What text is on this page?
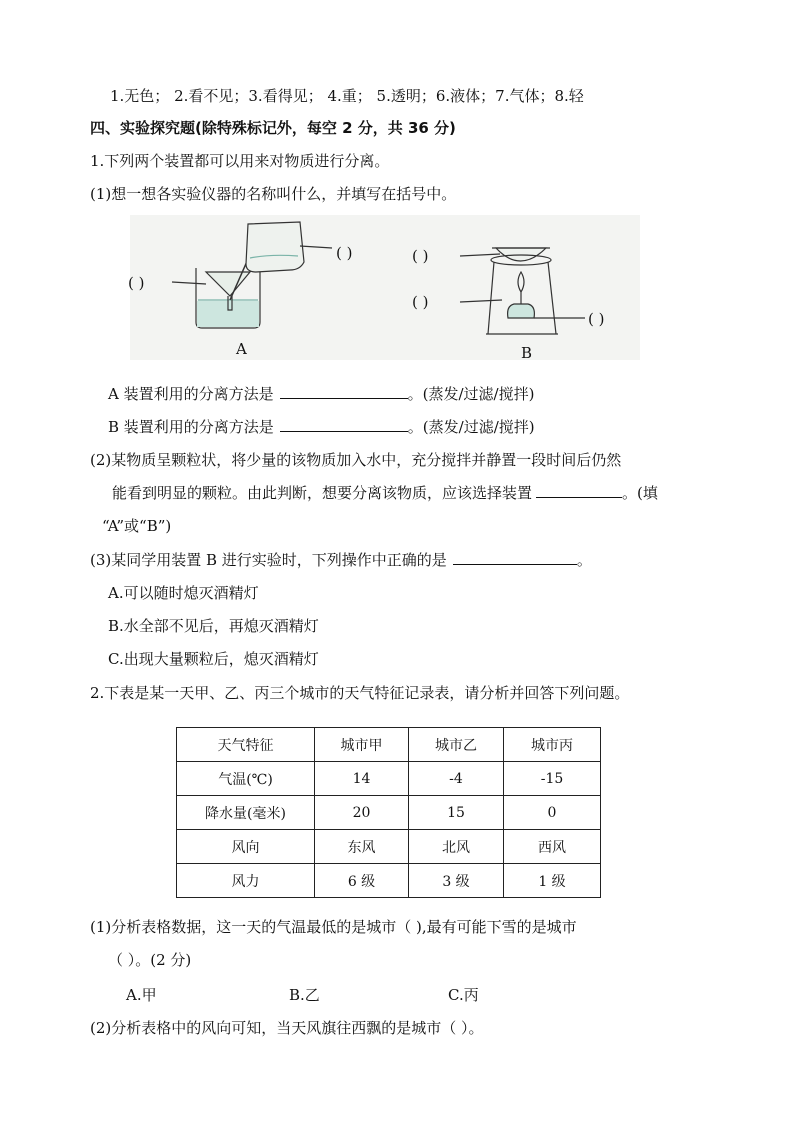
1.无色； 2.看不见；3.看得见； 4.重； 5.透明；6.液体；7.气体；8.轻
四、实验探究题(除特殊标记外，每空 2 分，共 36 分)
1.下列两个装置都可以用来对物质进行分离。
(1)想一想各实验仪器的名称叫什么，并填写在括号中。
( )
( )	( )
( )
( )
A	B
A 装置利用的分离方法是	。(蒸发/过滤/搅拌)
B 装置利用的分离方法是	。(蒸发/过滤/搅拌)
(2)某物质呈颗粒状，将少量的该物质加入水中，充分搅拌并静置一段时间后仍然
能看到明显的颗粒。由此判断，想要分离该物质，应该选择装置	。(填
“A”或“B”)
(3)某同学用装置 B 进行实验时，下列操作中正确的是	。
A.可以随时熄灭酒精灯
B.水全部不见后，再熄灭酒精灯
C.出现大量颗粒后，熄灭酒精灯
2.下表是某一天甲、乙、丙三个城市的天气特征记录表，请分析并回答下列问题。
天气特征	城市甲	城市乙	城市丙
气温(℃)	14	-4	-15
降水量(毫米)	20	15	0
风向	东风	北风	西风
风力	6 级	3 级	1 级
(1)分析表格数据，这一天的气温最低的是城市（ ),最有可能下雪的是城市
（ ）。(2 分)
A.甲	B.乙	C.丙
(2)分析表格中的风向可知，当天风旗往西飘的是城市（ ）。
